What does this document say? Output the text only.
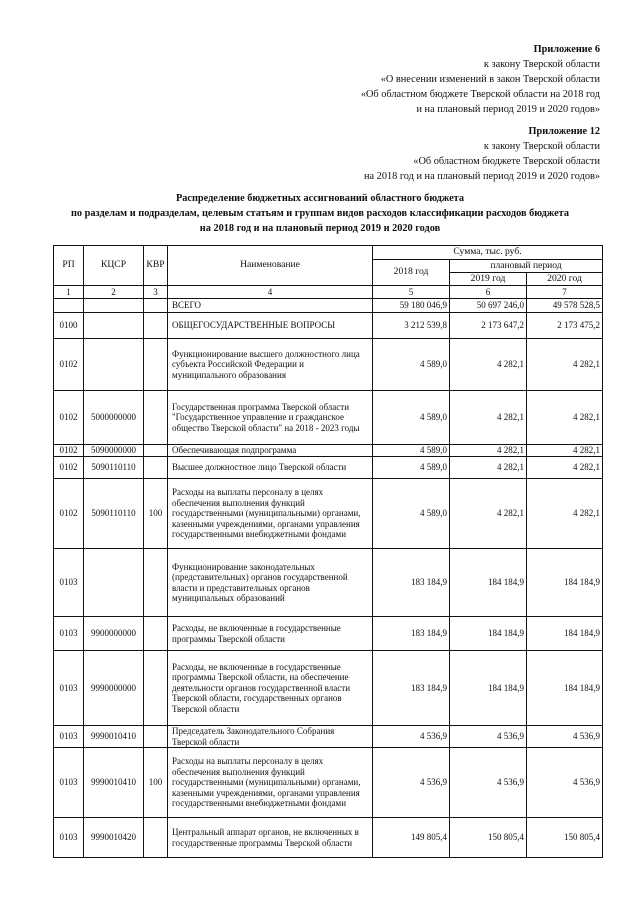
Приложение 6
к закону Тверской области
«О внесении изменений в закон Тверской области
«Об областном бюджете Тверской области на 2018 год
и на плановый период 2019 и 2020 годов»
Приложение 12
к закону Тверской области
«Об областном бюджете Тверской области
на 2018 год и на плановый период 2019 и 2020 годов»
Распределение бюджетных ассигнований областного бюджета
по разделам и подразделам, целевым статьям и группам видов расходов классификации расходов бюджета
на 2018 год и на плановый период 2019 и 2020 годов
РП	КЦСР	КВР	Наименование	Сумма, тыс. руб.		
				2018 год	плановый период	
					2019 год	2020 год
1	2	3	4	5	6	7
			ВСЕГО	59 180 046,9	50 697 246,0	49 578 528,5
0100			ОБЩЕГОСУДАРСТВЕННЫЕ ВОПРОСЫ	3 212 539,8	2 173 647,2	2 173 475,2
0102			Функционирование высшего должностного лица субъекта Российской Федерации и муниципального образования	4 589,0	4 282,1	4 282,1
0102	5000000000		Государственная программа Тверской области "Государственное управление и гражданское общество Тверской области" на 2018 - 2023 годы	4 589,0	4 282,1	4 282,1
0102	5090000000		Обеспечивающая подпрограмма	4 589,0	4 282,1	4 282,1
0102	5090110110		Высшее должностное лицо Тверской области	4 589,0	4 282,1	4 282,1
0102	5090110110	100	Расходы на выплаты персоналу в целях обеспечения выполнения функций государственными (муниципальными) органами, казенными учреждениями, органами управления государственными внебюджетными фондами	4 589,0	4 282,1	4 282,1
0103			Функционирование законодательных (представительных) органов государственной власти и представительных органов муниципальных образований	183 184,9	184 184,9	184 184,9
0103	9900000000		Расходы, не включенные в государственные программы Тверской области	183 184,9	184 184,9	184 184,9
0103	9990000000		Расходы, не включенные в государственные программы Тверской области, на обеспечение деятельности органов государственной власти Тверской области, государственных органов Тверской области	183 184,9	184 184,9	184 184,9
0103	9990010410		Председатель Законодательного Собрания Тверской области	4 536,9	4 536,9	4 536,9
0103	9990010410	100	Расходы на выплаты персоналу в целях обеспечения выполнения функций государственными (муниципальными) органами, казенными учреждениями, органами управления государственными внебюджетными фондами	4 536,9	4 536,9	4 536,9
0103	9990010420		Центральный аппарат органов, не включенных в государственные программы Тверской области	149 805,4	150 805,4	150 805,4
